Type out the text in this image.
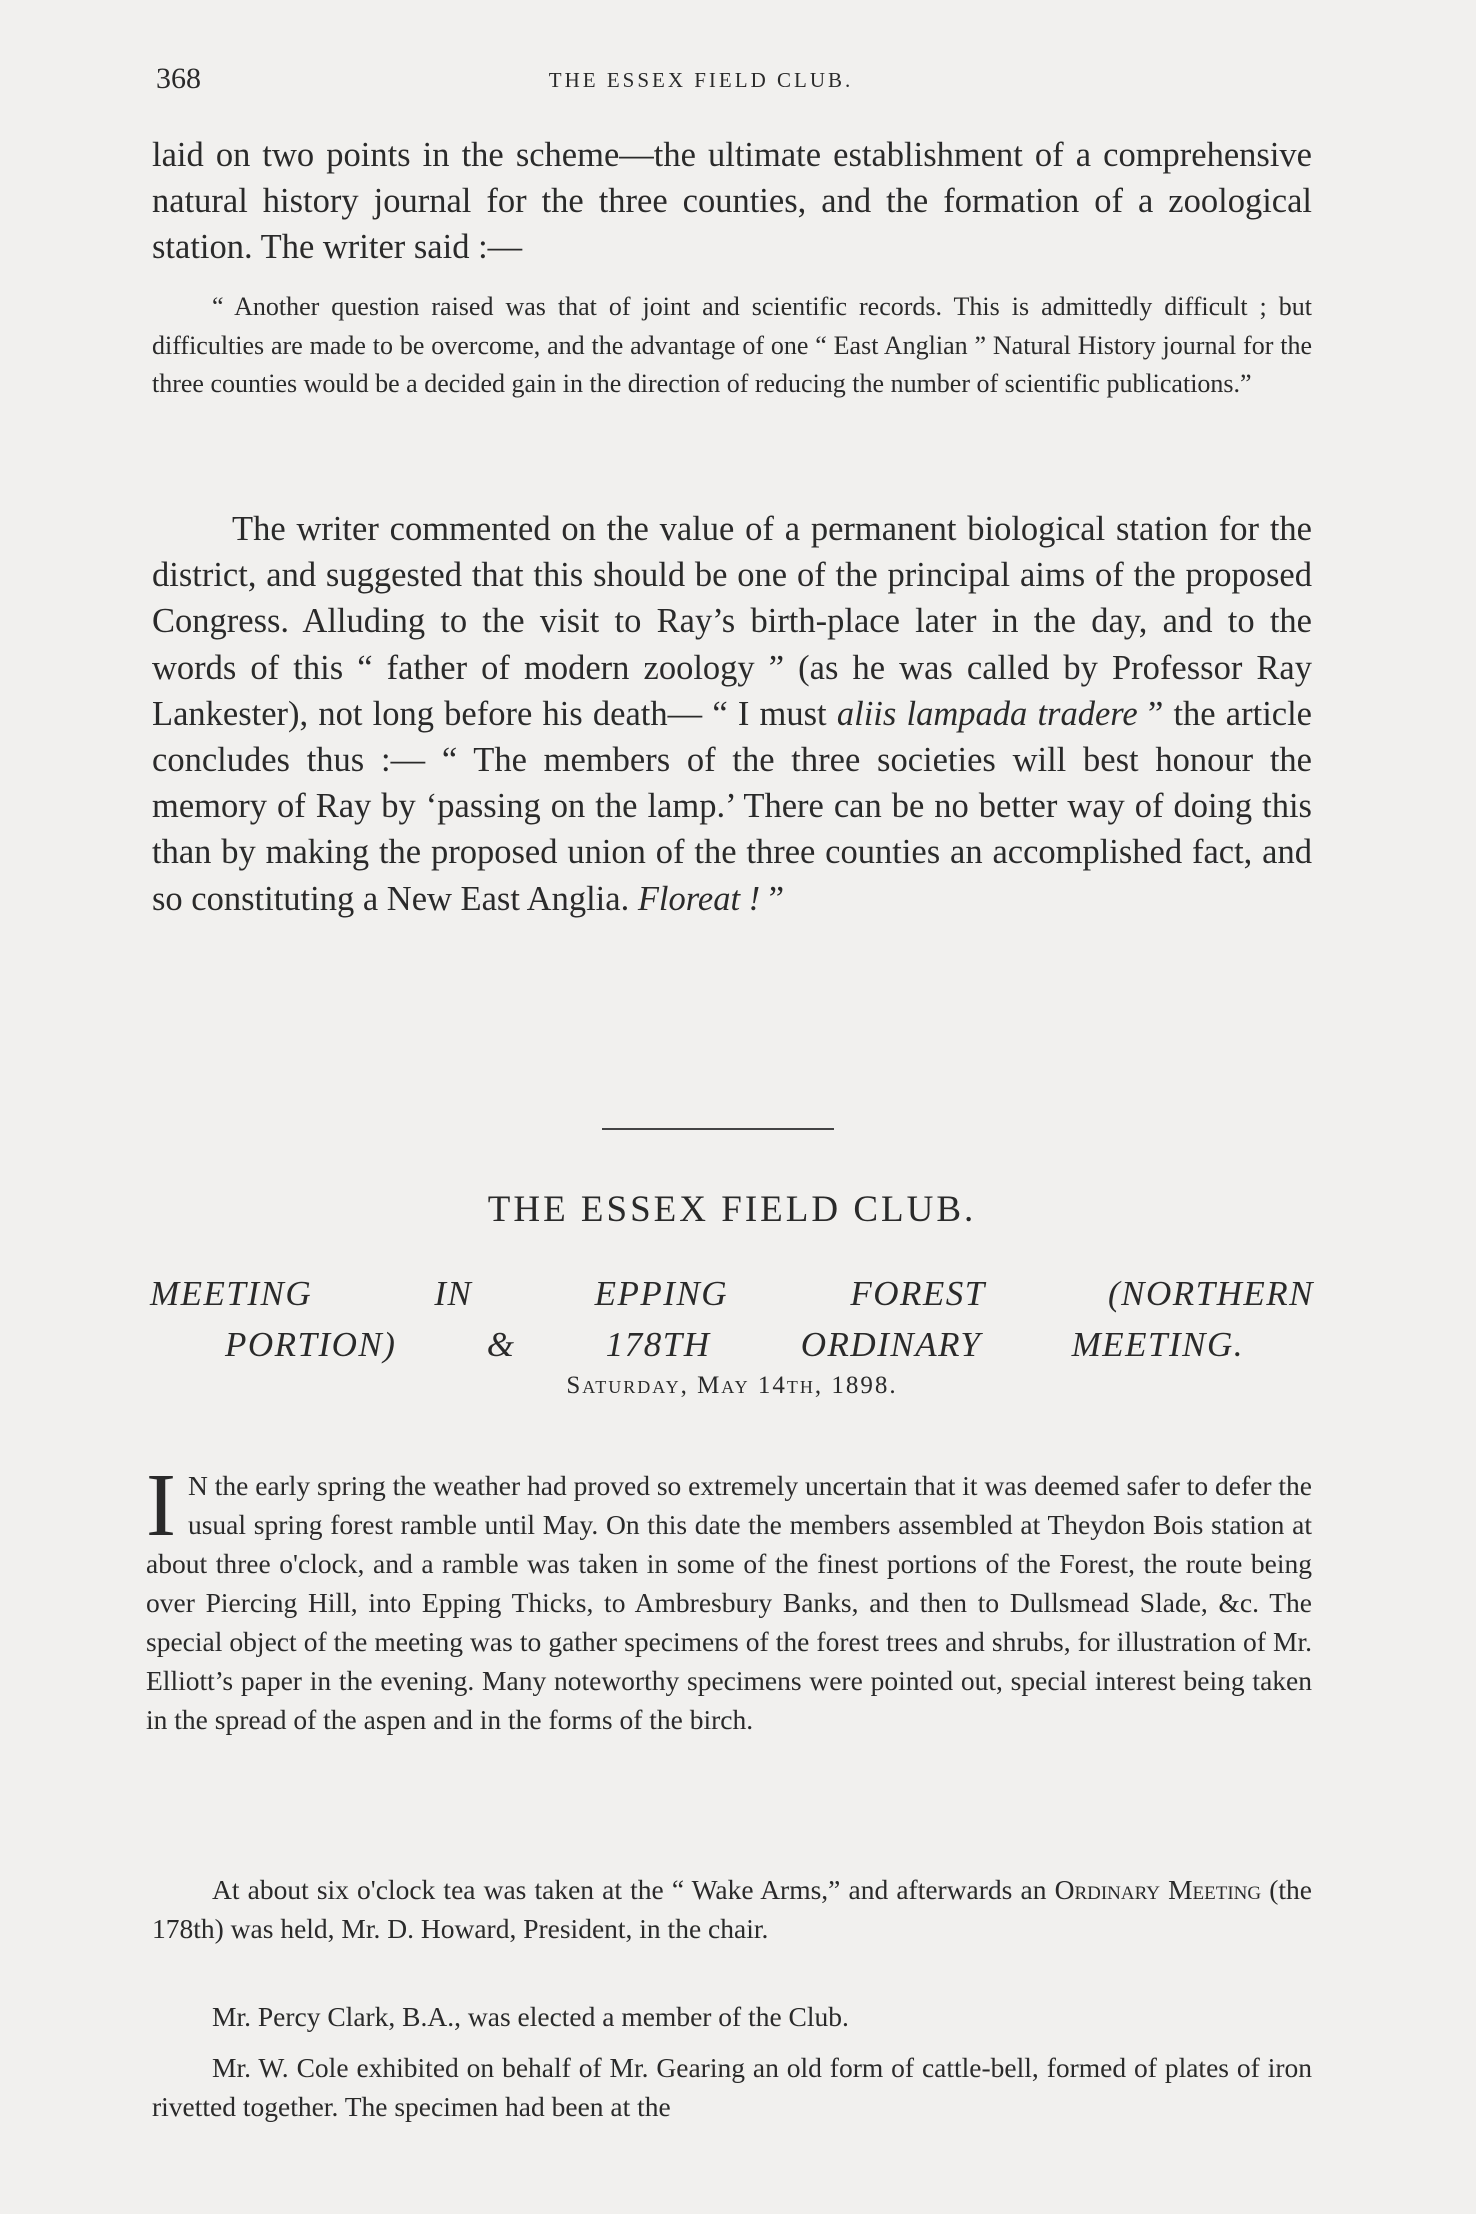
368	THE ESSEX FIELD CLUB.

laid on two points in the scheme—the ultimate establishment of a comprehensive natural history journal for the three counties, and the formation of a zoological station. The writer said :—

“ Another question raised was that of joint and scientific records. This is admittedly difficult ; but difficulties are made to be overcome, and the advantage of one “ East Anglian ” Natural History journal for the three counties would be a decided gain in the direction of reducing the number of scientific publications.”

The writer commented on the value of a permanent biological station for the district, and suggested that this should be one of the principal aims of the proposed Congress. Alluding to the visit to Ray’s birth-place later in the day, and to the words of this “ father of modern zoology ” (as he was called by Professor Ray Lankester), not long before his death— “ I must aliis lampada tradere ” the article concludes thus :— “ The members of the three societies will best honour the memory of Ray by ‘passing on the lamp.’ There can be no better way of doing this than by making the proposed union of the three counties an accomplished fact, and so constituting a New East Anglia. Floreat ! ”

THE ESSEX FIELD CLUB.
MEETING	IN	EPPING	FOREST	(NORTHERN
PORTION)	&	178TH	ORDINARY	MEETING.
Saturday, May 14th, 1898.

I N the early spring the weather had proved so extremely uncertain that it was deemed safer to defer the usual spring forest ramble until May. On this date the members assembled at Theydon Bois station at about three o'clock, and a ramble was taken in some of the finest portions of the Forest, the route being over Piercing Hill, into Epping Thicks, to Ambresbury Banks, and then to Dullsmead Slade, &c. The special object of the meeting was to gather specimens of the forest trees and shrubs, for illustration of Mr. Elliott’s paper in the evening. Many noteworthy specimens were pointed out, special interest being taken in the spread of the aspen and in the forms of the birch.

At about six o'clock tea was taken at the “ Wake Arms,” and afterwards an Ordinary Meeting (the 178th) was held, Mr. D. Howard, President, in the chair.

Mr. Percy Clark, B.A., was elected a member of the Club.

Mr. W. Cole exhibited on behalf of Mr. Gearing an old form of cattle-bell, formed of plates of iron rivetted together. The specimen had been at the
